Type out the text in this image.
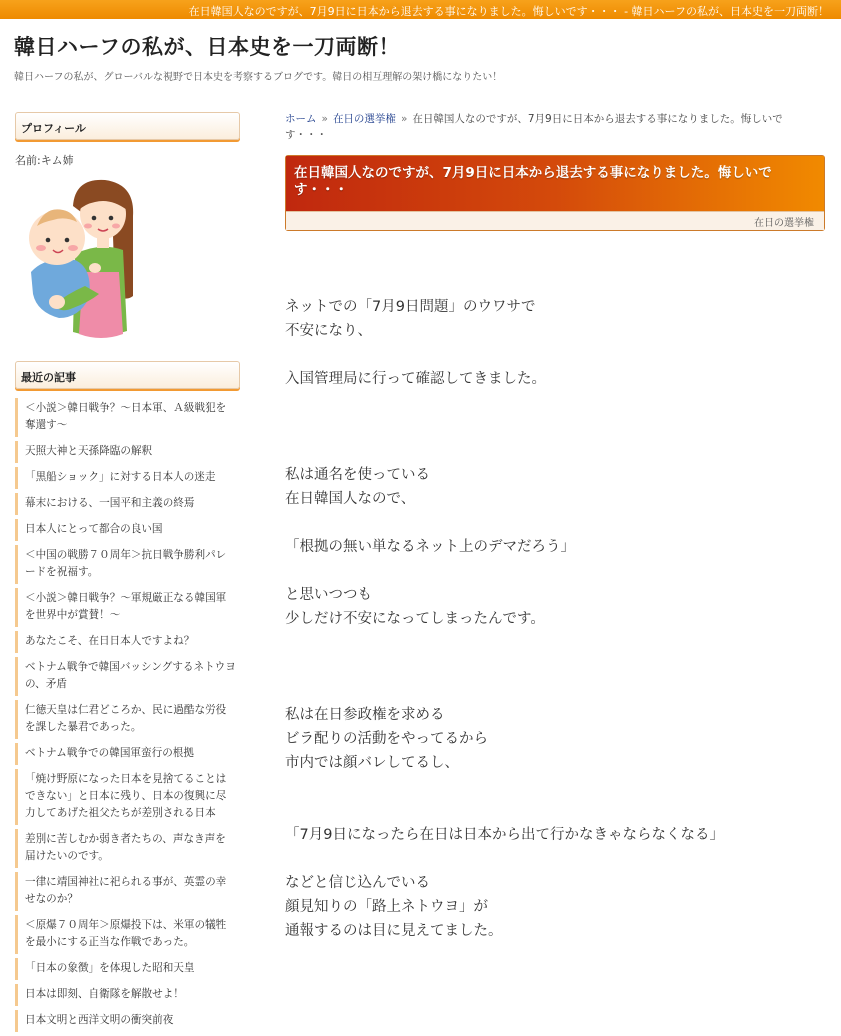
在日韓国人なのですが、7月9日に日本から退去する事になりました。悔しいです・・・ - 韓日ハーフの私が、日本史を一刀両断！
韓日ハーフの私が、日本史を一刀両断！
韓日ハーフの私が、グローバルな視野で日本史を考察するブログです。韓日の相互理解の架け橋になりたい！
プロフィール
名前:キム姉
最近の記事
＜小説＞韓日戦争？～日本軍、Ａ級戦犯を奪還す～
天照大神と天孫降臨の解釈
「黒船ショック」に対する日本人の迷走
幕末における、一国平和主義の終焉
日本人にとって都合の良い国
＜中国の戦勝７０周年＞抗日戦争勝利パレードを祝福す。
＜小説＞韓日戦争？～軍規厳正なる韓国軍を世界中が賞賛！～
あなたこそ、在日日本人ですよね？
ベトナム戦争で韓国バッシングするネトウヨの、矛盾
仁徳天皇は仁君どころか、民に過酷な労役を課した暴君であった。
ベトナム戦争での韓国軍蛮行の根拠
「焼け野原になった日本を見捨てることはできない」と日本に残り、日本の復興に尽力してあげた祖父たちが差別される日本
差別に苦しむか弱き者たちの、声なき声を届けたいのです。
一律に靖国神社に祀られる事が、英霊の幸せなのか？
＜原爆７０周年＞原爆投下は、米軍の犠牲を最小にする正当な作戦であった。
「日本の象徴」を体現した昭和天皇
日本は即刻、自衛隊を解散せよ！
日本文明と西洋文明の衝突前夜
ホーム » 在日の選挙権 » 在日韓国人なのですが、7月9日に日本から退去する事になりました。悔しいです・・・
在日韓国人なのですが、7月9日に日本から退去する事になりました。悔しいです・・・
在日の選挙権

ネットでの「7月9日問題」のウワサで
不安になり、

入国管理局に行って確認してきました。

私は通名を使っている
在日韓国人なので、

「根拠の無い単なるネット上のデマだろう」

と思いつつも
少しだけ不安になってしまったんです。

私は在日参政権を求める
ビラ配りの活動をやってるから
市内では顔バレしてるし、

「7月9日になったら在日は日本から出て行かなきゃならなくなる」

などと信じ込んでいる
顔見知りの「路上ネトウヨ」が
通報するのは目に見えてました。
